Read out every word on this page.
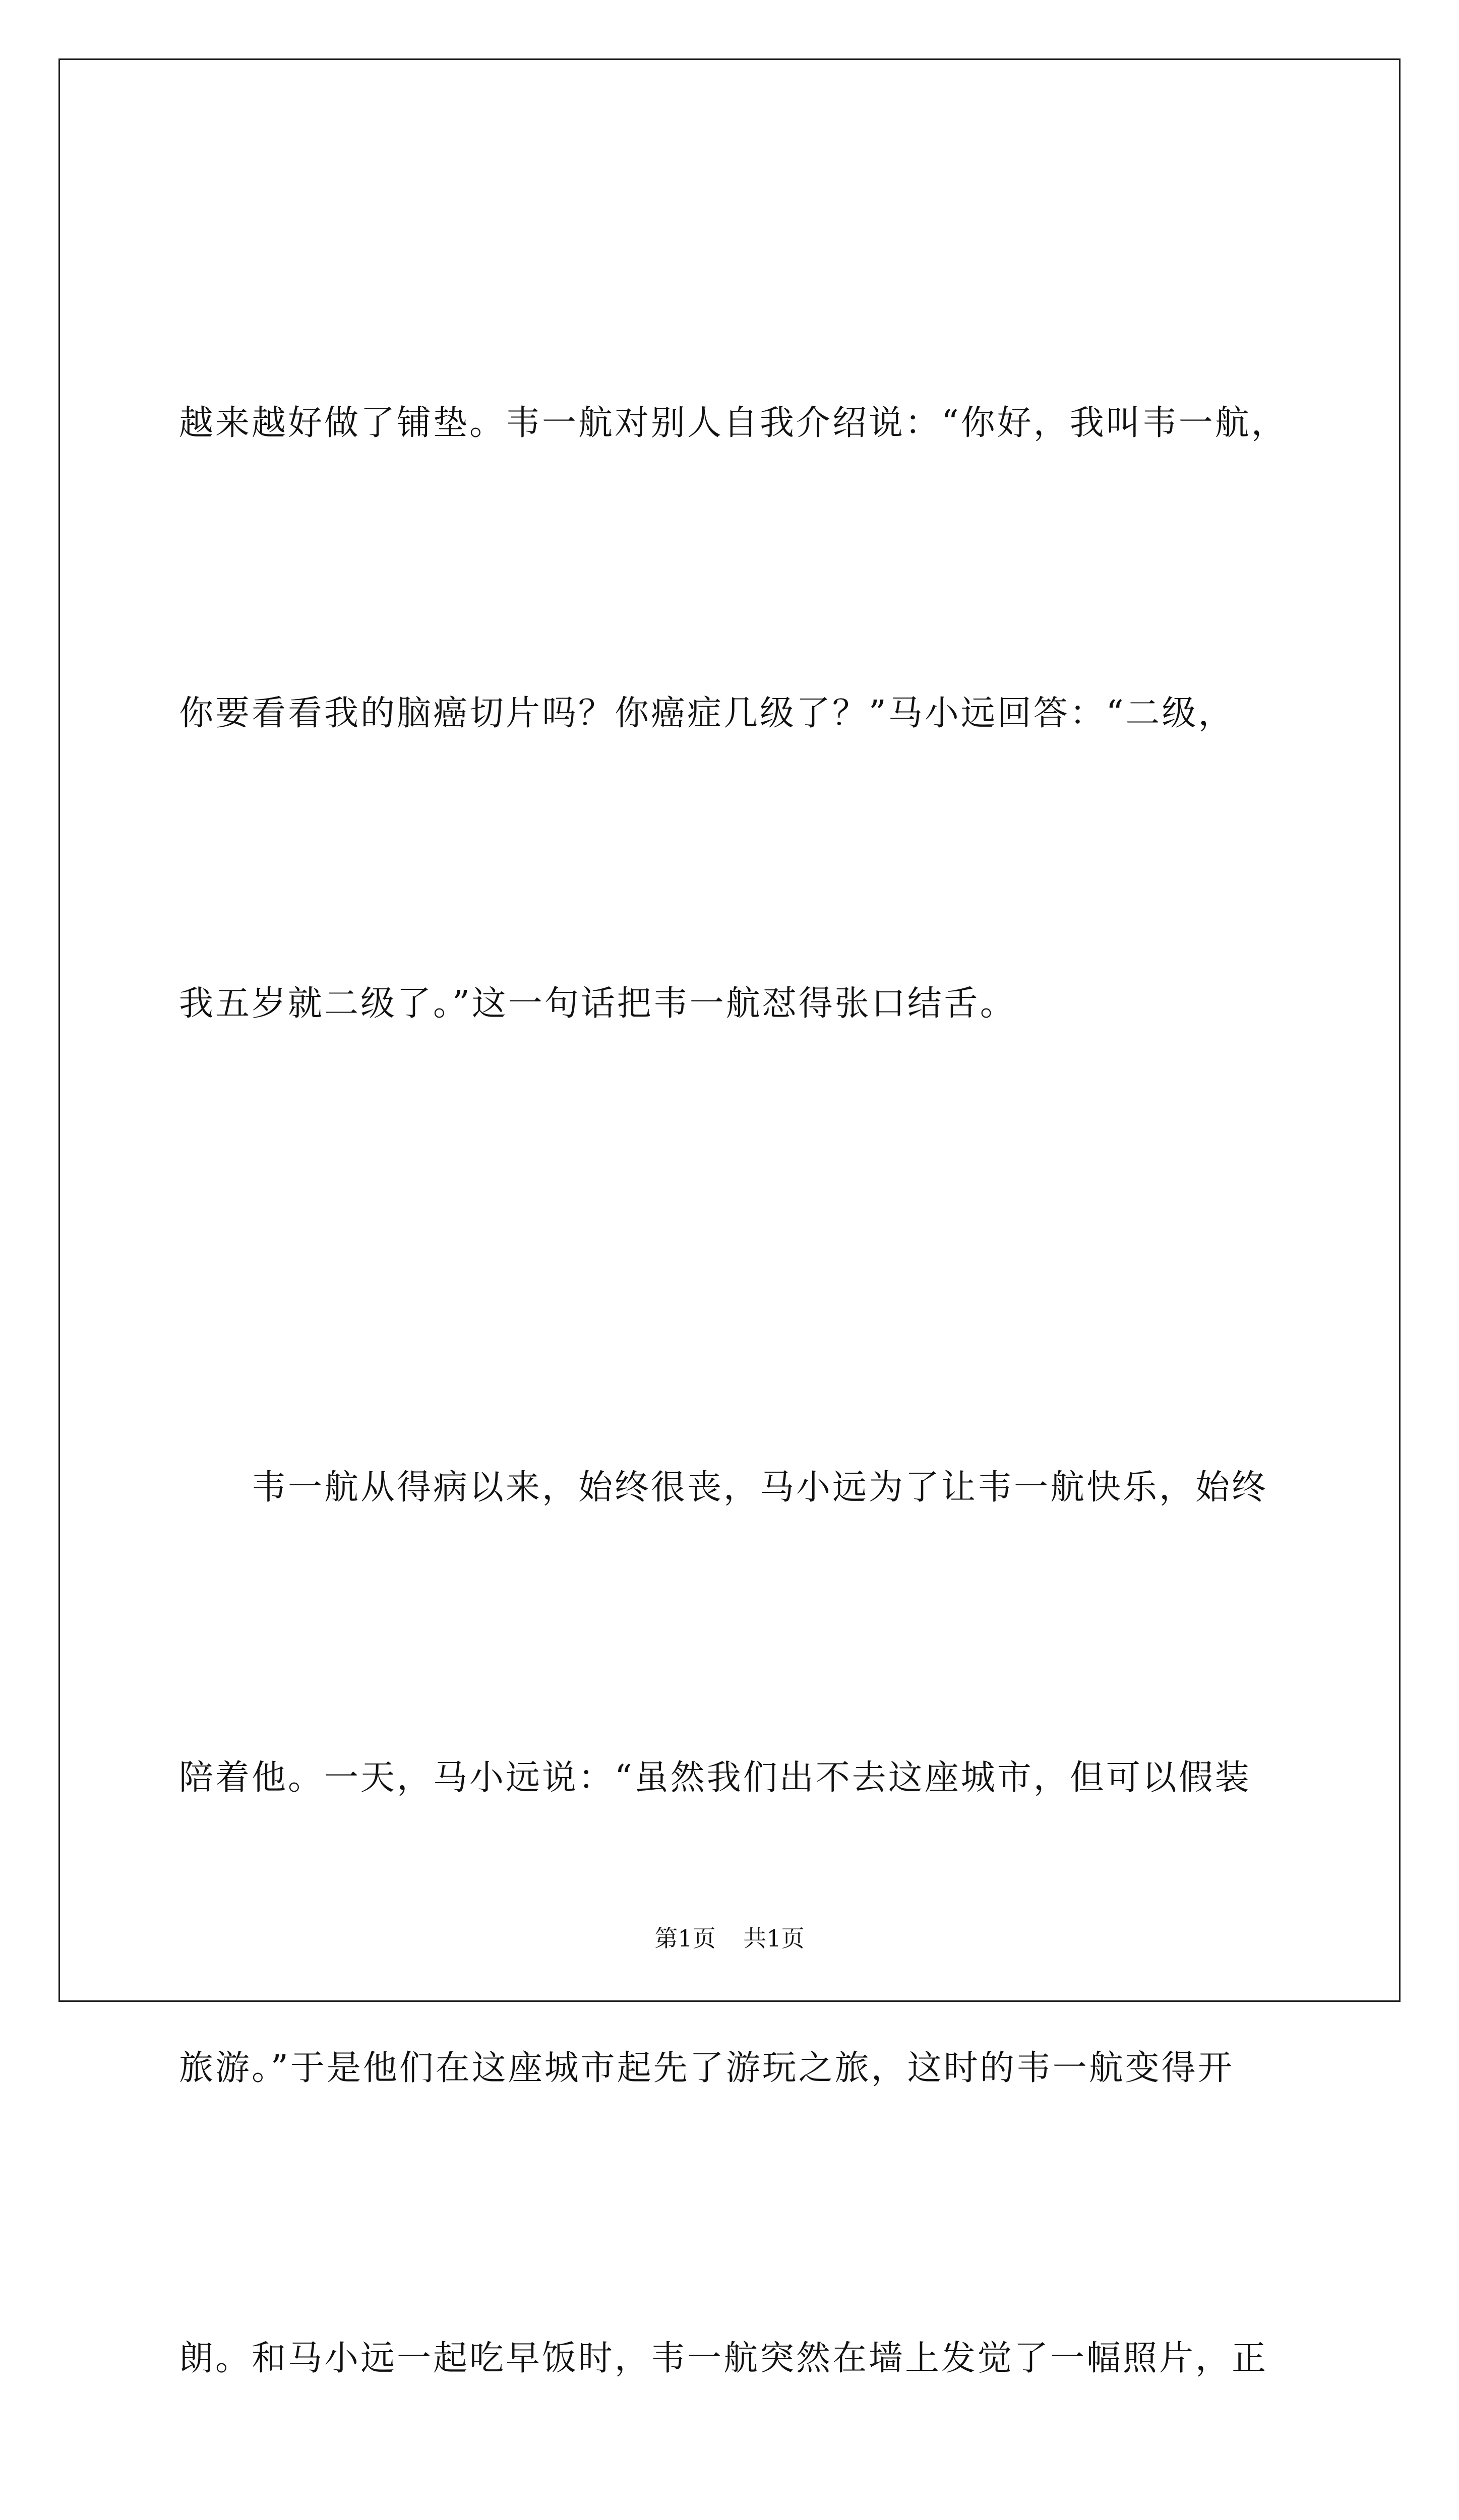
越来越好做了铺垫。韦一航对别人自我介绍说：“你好，我叫韦一航，

你要看看我的脑癌切片吗？你癌症几级了？”马小远回答：“二级，

我五岁就二级了。”这一句话把韦一航怼得张口结舌。

　　韦一航从得病以来，始终很丧，马小远为了让韦一航快乐，始终

陪着他。一天，马小远说：“虽然我们出不去这座城市，但可以假装

旅游。”于是他们在这座城市起先了游玩之旅，这时的韦一航变得开

朗。和马小远一起吃早饭时，韦一航突然在墙上发觉了一幅照片，正

第1页 共1页
